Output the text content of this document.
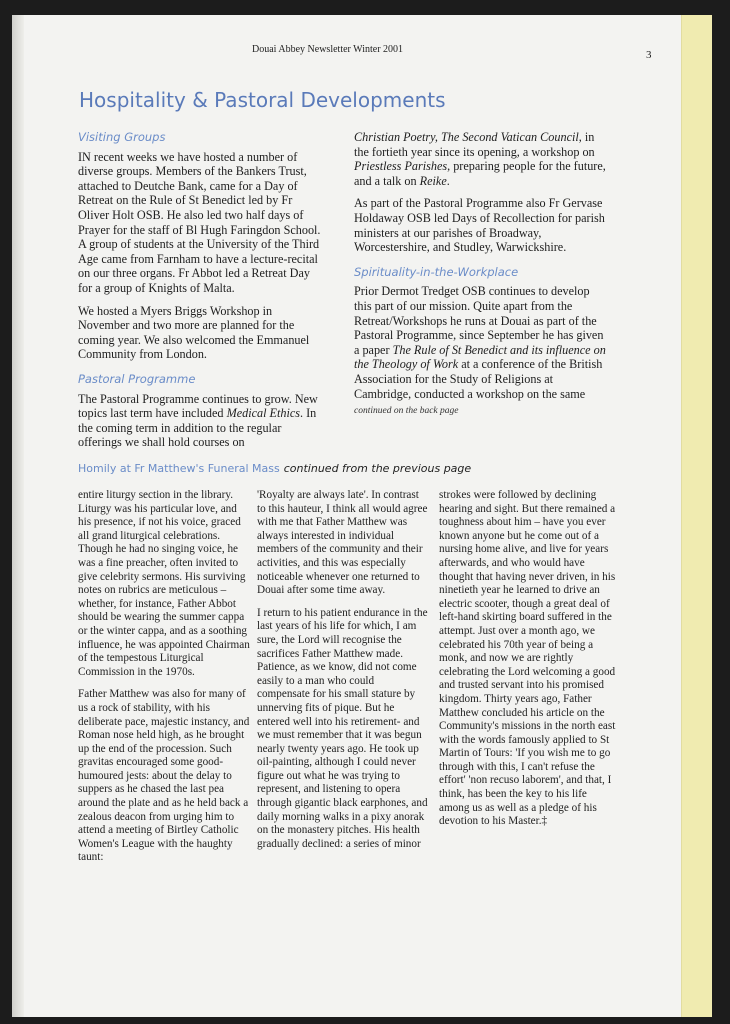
Douai Abbey Newsletter Winter 2001	3
Hospitality & Pastoral Developments
Visiting Groups

IN recent weeks we have hosted a number of diverse groups. Members of the Bankers Trust, attached to Deutche Bank, came for a Day of Retreat on the Rule of St Benedict led by Fr Oliver Holt OSB. He also led two half days of Prayer for the staff of Bl Hugh Faringdon School. A group of students at the University of the Third Age came from Farnham to have a lecture-recital on our three organs. Fr Abbot led a Retreat Day for a group of Knights of Malta.

We hosted a Myers Briggs Workshop in November and two more are planned for the coming year. We also welcomed the Emmanuel Community from London.

Pastoral Programme

The Pastoral Programme continues to grow. New topics last term have included Medical Ethics. In the coming term in addition to the regular offerings we shall hold courses on

Christian Poetry, The Second Vatican Council, in the fortieth year since its opening, a workshop on Priestless Parishes, preparing people for the future, and a talk on Reike.

As part of the Pastoral Programme also Fr Gervase Holdaway OSB led Days of Recollection for parish ministers at our parishes of Broadway, Worcestershire, and Studley, Warwickshire.

Spirituality-in-the-Workplace

Prior Dermot Tredget OSB continues to develop this part of our mission. Quite apart from the Retreat/Workshops he runs at Douai as part of the Pastoral Programme, since September he has given a paper The Rule of St Benedict and its influence on the Theology of Work at a conference of the British Association for the Study of Religions at Cambridge, conducted a workshop on the same

continued on the back page

Homily at Fr Matthew's Funeral Mass continued from the previous page

entire liturgy section in the library. Liturgy was his particular love, and his presence, if not his voice, graced all grand liturgical celebrations. Though he had no singing voice, he was a fine preacher, often invited to give celebrity sermons. His surviving notes on rubrics are meticulous – whether, for instance, Father Abbot should be wearing the summer cappa or the winter cappa, and as a soothing influence, he was appointed Chairman of the tempestous Liturgical Commission in the 1970s.

Father Matthew was also for many of us a rock of stability, with his deliberate pace, majestic instancy, and Roman nose held high, as he brought up the end of the procession. Such gravitas encouraged some good-humoured jests: about the delay to suppers as he chased the last pea around the plate and as he held back a zealous deacon from urging him to attend a meeting of Birtley Catholic Women's League with the haughty taunt:

'Royalty are always late'. In contrast to this hauteur, I think all would agree with me that Father Matthew was always interested in individual members of the community and their activities, and this was especially noticeable whenever one returned to Douai after some time away.

I return to his patient endurance in the last years of his life for which, I am sure, the Lord will recognise the sacrifices Father Matthew made. Patience, as we know, did not come easily to a man who could compensate for his small stature by unnerving fits of pique. But he entered well into his retirement- and we must remember that it was begun nearly twenty years ago. He took up oil-painting, although I could never figure out what he was trying to represent, and listening to opera through gigantic black earphones, and daily morning walks in a pixy anorak on the monastery pitches. His health gradually declined: a series of minor

strokes were followed by declining hearing and sight. But there remained a toughness about him – have you ever known anyone but he come out of a nursing home alive, and live for years afterwards, and who would have thought that having never driven, in his ninetieth year he learned to drive an electric scooter, though a great deal of left-hand skirting board suffered in the attempt. Just over a month ago, we celebrated his 70th year of being a monk, and now we are rightly celebrating the Lord welcoming a good and trusted servant into his promised kingdom. Thirty years ago, Father Matthew concluded his article on the Community's missions in the north east with the words famously applied to St Martin of Tours: 'If you wish me to go through with this, I can't refuse the effort' 'non recuso laborem', and that, I think, has been the key to his life among us as well as a pledge of his devotion to his Master.‡
